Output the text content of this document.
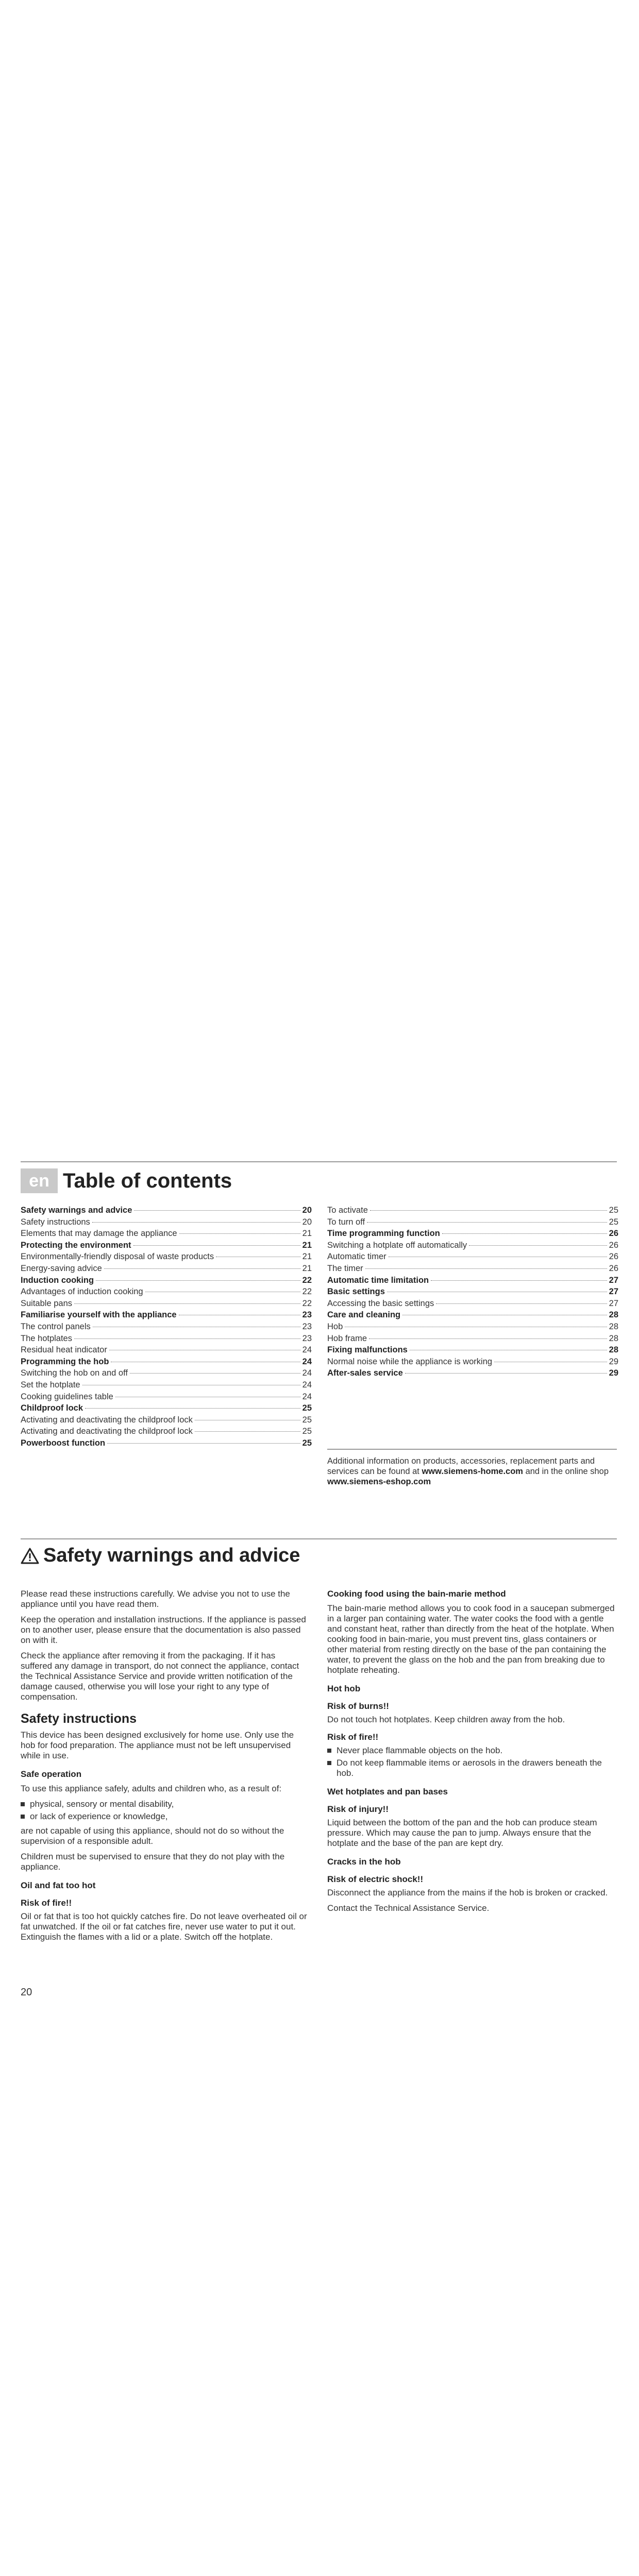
en Table of contents
Safety warnings and advice	20
Safety instructions	20
Elements that may damage the appliance	21
Protecting the environment	21
Environmentally-friendly disposal of waste products	21
Energy-saving advice	21
Induction cooking	22
Advantages of induction cooking	22
Suitable pans	22
Familiarise yourself with the appliance	23
The control panels	23
The hotplates	23
Residual heat indicator	24
Programming the hob	24
Switching the hob on and off	24
Set the hotplate	24
Cooking guidelines table	24
Childproof lock	25
Activating and deactivating the childproof lock	25
Activating and deactivating the childproof lock	25
Powerboost function	25
To activate	25
To turn off	25
Time programming function	26
Switching a hotplate off automatically	26
Automatic timer	26
The timer	26
Automatic time limitation	27
Basic settings	27
Accessing the basic settings	27
Care and cleaning	28
Hob	28
Hob frame	28
Fixing malfunctions	28
Normal noise while the appliance is working	29
After-sales service	29
Additional information on products, accessories, replacement parts and services can be found at www.siemens-home.com and in the online shop www.siemens-eshop.com
Safety warnings and advice

Please read these instructions carefully. We advise you not to use the appliance until you have read them.

Keep the operation and installation instructions. If the appliance is passed on to another user, please ensure that the documentation is also passed on with it.

Check the appliance after removing it from the packaging. If it has suffered any damage in transport, do not connect the appliance, contact the Technical Assistance Service and provide written notification of the damage caused, otherwise you will lose your right to any type of compensation.

Safety instructions

This device has been designed exclusively for home use. Only use the hob for food preparation. The appliance must not be left unsupervised while in use.

Safe operation

To use this appliance safely, adults and children who, as a result of:

physical, sensory or mental disability,
or lack of experience or knowledge,

are not capable of using this appliance, should not do so without the supervision of a responsible adult.

Children must be supervised to ensure that they do not play with the appliance.

Oil and fat too hot
Risk of fire!!

Oil or fat that is too hot quickly catches fire. Do not leave overheated oil or fat unwatched. If the oil or fat catches fire, never use water to put it out. Extinguish the flames with a lid or a plate. Switch off the hotplate.

Cooking food using the bain-marie method

The bain-marie method allows you to cook food in a saucepan submerged in a larger pan containing water. The water cooks the food with a gentle and constant heat, rather than directly from the heat of the hotplate. When cooking food in bain-marie, you must prevent tins, glass containers or other material from resting directly on the base of the pan containing the water, to prevent the glass on the hob and the pan from breaking due to hotplate reheating.

Hot hob
Risk of burns!!

Do not touch hot hotplates. Keep children away from the hob.

Risk of fire!!
Never place flammable objects on the hob.
Do not keep flammable items or aerosols in the drawers beneath the hob.
Wet hotplates and pan bases
Risk of injury!!

Liquid between the bottom of the pan and the hob can produce steam pressure. Which may cause the pan to jump. Always ensure that the hotplate and the base of the pan are kept dry.

Cracks in the hob
Risk of electric shock!!

Disconnect the appliance from the mains if the hob is broken or cracked.

Contact the Technical Assistance Service.

20
